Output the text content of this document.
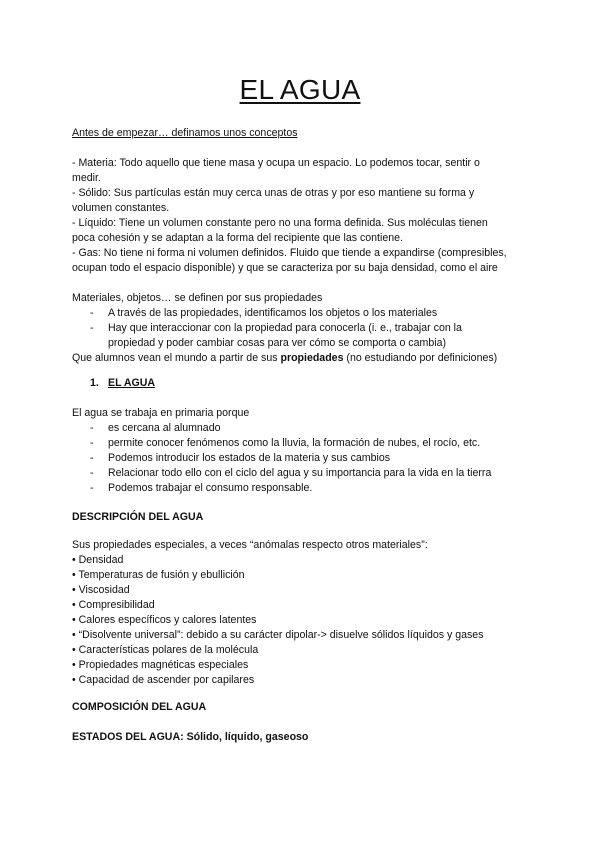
EL AGUA
Antes de empezar… definamos unos conceptos
- Materia: Todo aquello que tiene masa y ocupa un espacio. Lo podemos tocar, sentir o
medir.
- Sólido: Sus partículas están muy cerca unas de otras y por eso mantiene su forma y
volumen constantes.
- Líquido: Tiene un volumen constante pero no una forma definida. Sus moléculas tienen
poca cohesión y se adaptan a la forma del recipiente que las contiene.
- Gas: No tiene ni forma ni volumen definidos. Fluido que tiende a expandirse (compresibles,
ocupan todo el espacio disponible) y que se caracteriza por su baja densidad, como el aire
Materiales, objetos… se definen por sus propiedades
- A través de las propiedades, identificamos los objetos o los materiales
- Hay que interaccionar con la propiedad para conocerla (i. e., trabajar con la
propiedad y poder cambiar cosas para ver cómo se comporta o cambia)
Que alumnos vean el mundo a partir de sus propiedades (no estudiando por definiciones)
1. EL AGUA
El agua se trabaja en primaria porque
- es cercana al alumnado
- permite conocer fenómenos como la lluvia, la formación de nubes, el rocío, etc.
- Podemos introducir los estados de la materia y sus cambios
- Relacionar todo ello con el ciclo del agua y su importancia para la vida en la tierra
- Podemos trabajar el consumo responsable.
DESCRIPCIÓN DEL AGUA
Sus propiedades especiales, a veces “anómalas respecto otros materiales”:
• Densidad
• Temperaturas de fusión y ebullición
• Viscosidad
• Compresibilidad
• Calores específicos y calores latentes
• “Disolvente universal”: debido a su carácter dipolar-> disuelve sólidos líquidos y gases
• Características polares de la molécula
• Propiedades magnéticas especiales
• Capacidad de ascender por capilares
COMPOSICIÓN DEL AGUA
ESTADOS DEL AGUA: Sólido, líquido, gaseoso
